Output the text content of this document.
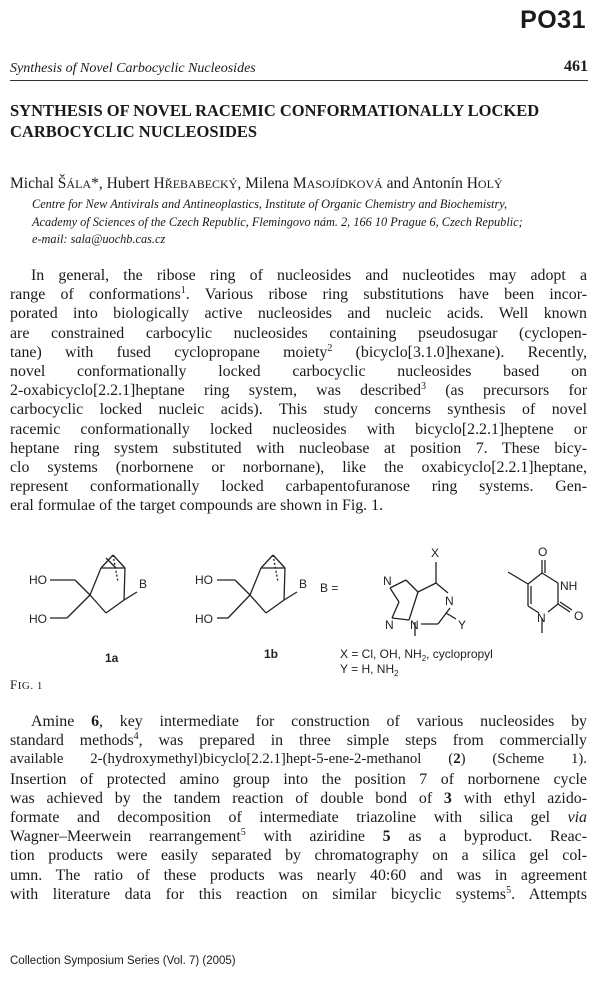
PO31
Synthesis of Novel Carbocyclic Nucleosides	461
SYNTHESIS OF NOVEL RACEMIC CONFORMATIONALLY LOCKED
CARBOCYCLIC NUCLEOSIDES
Michal ŠÁLA*, Hubert HŘEBABECKÝ, Milena MASOJÍDKOVÁ and Antonín HOLÝ
Centre for New Antivirals and Antineoplastics, Institute of Organic Chemistry and Biochemistry,
Academy of Sciences of the Czech Republic, Flemingovo nám. 2, 166 10 Prague 6, Czech Republic;
e-mail: sala@uochb.cas.cz
In general, the ribose ring of nucleosides and nucleotides may adopt a
range of conformations$^1$. Various ribose ring substitutions have been incor-
porated into biologically active nucleosides and nucleic acids. Well known
are constrained carbocylic nucleosides containing pseudosugar (cyclopen-
tane) with fused cyclopropane moiety$^2$ (bicyclo[3.1.0]hexane). Recently,
novel conformationally locked carbocyclic nucleosides based on
2-oxabicyclo[2.2.1]heptane ring system, was described$^3$ (as precursors for
carbocyclic locked nucleic acids). This study concerns synthesis of novel
racemic conformationally locked nucleosides with bicyclo[2.2.1]heptene or
heptane ring system substituted with nucleobase at position 7. These bicy-
clo systems (norbornene or norbornane), like the oxabicyclo[2.2.1]heptane,
represent conformationally locked carbapentofuranose ring systems. Gen-
eral formulae of the target compounds are shown in Fig. 1.
HO
HO
B	HO
HO
B B =
X
N
N
N
N	Y
O
NH
O
N
1a	1b	X = Cl, OH, $NH_2$, cyclopropyl
Y = H, $NH_2$
FIG. 1
Amine 6, key intermediate for construction of various nucleosides by
standard methods$^4$, was prepared in three simple steps from commercially
available 2-(hydroxymethyl)bicyclo[2.2.1]hept-5-ene-2-methanol (2) (Scheme 1).
Insertion of protected amino group into the position 7 of norbornene cycle
was achieved by the tandem reaction of double bond of 3 with ethyl azido-
formate and decomposition of intermediate triazoline with silica gel via
Wagner–Meerwein rearrangement$^5$ with aziridine 5 as a byproduct. Reac-
tion products were easily separated by chromatography on a silica gel col-
umn. The ratio of these products was nearly 40:60 and was in agreement
with literature data for this reaction on similar bicyclic systems$^5$. Attempts
Collection Symposium Series (Vol. 7) (2005)
